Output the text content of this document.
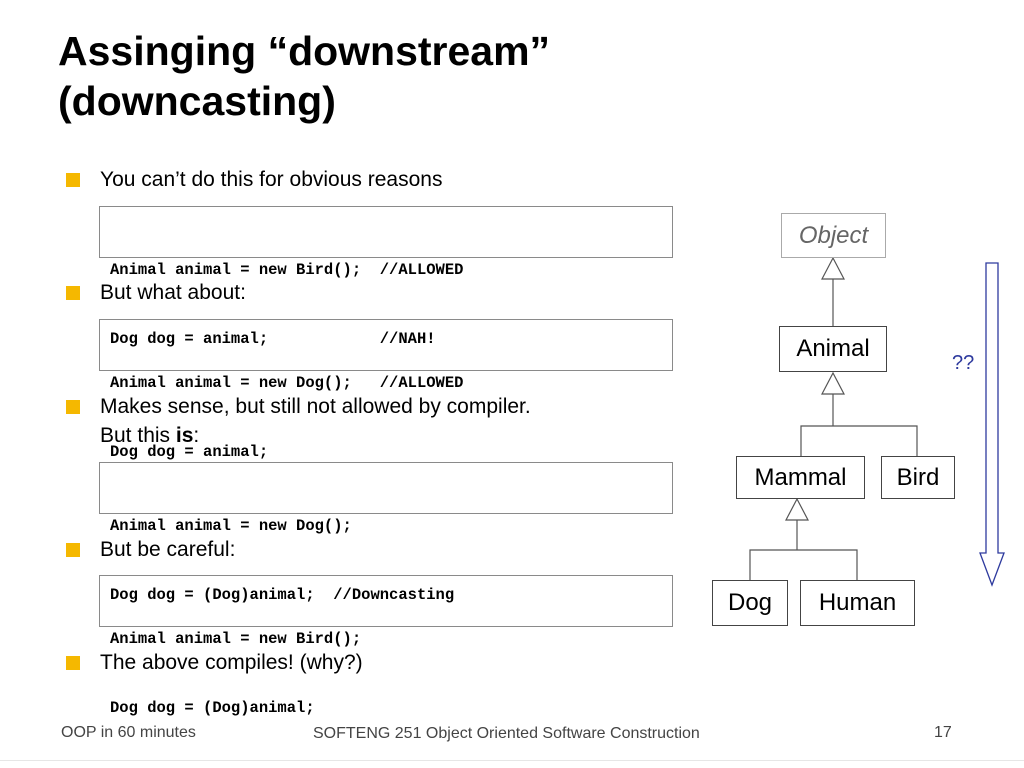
Assinging “downstream”
(downcasting)
You can’t do this for obvious reasons

Animal animal = new Bird();  //ALLOWED

Dog dog = animal;            //NAH!

But what about:

Animal animal = new Dog();   //ALLOWED

Dog dog = animal;

Makes sense, but still not allowed by compiler.
But this is:

Animal animal = new Dog();

Dog dog = (Dog)animal;  //Downcasting

But be careful:

Animal animal = new Bird();

Dog dog = (Dog)animal;

The above compiles! (why?)
Object
Animal
Mammal	Bird
Dog	Human
??
OOP in 60 minutes	SOFTENG 251 Object Oriented Software Construction	17
